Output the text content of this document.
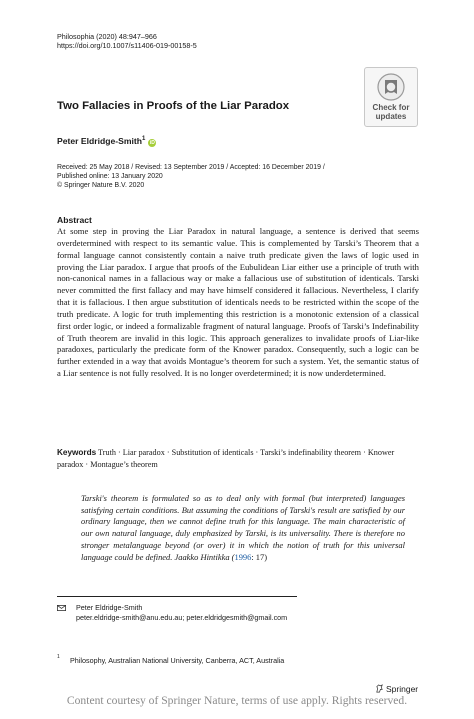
Philosophia (2020) 48:947–966
https://doi.org/10.1007/s11406-019-00158-5
Check for
updates
Two Fallacies in Proofs of the Liar Paradox
Peter Eldridge-Smith$^1$iD
Received: 25 May 2018 / Revised: 13 September 2019 / Accepted: 16 December 2019 /
Published online: 13 January 2020
© Springer Nature B.V. 2020
Abstract
At some step in proving the Liar Paradox in natural language, a sentence is derived that seems overdetermined with respect to its semantic value. This is complemented by Tarski’s Theorem that a formal language cannot consistently contain a naive truth predicate given the laws of logic used in proving the Liar paradox. I argue that proofs of the Eubulidean Liar either use a principle of truth with non-canonical names in a fallacious way or make a fallacious use of substitution of identicals. Tarski never committed the first fallacy and may have himself considered it fallacious. Nevertheless, I clarify that it is fallacious. I then argue substitution of identicals needs to be restricted within the scope of the truth predicate. A logic for truth implementing this restriction is a monotonic extension of a classical first order logic, or indeed a formalizable fragment of natural language. Proofs of Tarski’s Indefinability of Truth theorem are invalid in this logic. This approach generalizes to invalidate proofs of Liar-like paradoxes, particularly the predicate form of the Knower paradox. Consequently, such a logic can be further extended in a way that avoids Montague’s theorem for such a system. Yet, the semantic status of a Liar sentence is not fully resolved. It is no longer overdetermined; it is now underdetermined.
Keywords Truth · Liar paradox · Substitution of identicals · Tarski’s indefinability theorem · Knower paradox · Montague’s theorem
Tarski's theorem is formulated so as to deal only with formal (but interpreted) languages satisfying certain conditions. But assuming the conditions of Tarski's result are satisfied by our ordinary language, then we cannot define truth for this language. The main characteristic of our own natural language, duly emphasized by Tarski, is its universality. There is therefore no stronger metalanguage beyond (or over) it in which the notion of truth for this universal language could be defined. Jaakko Hintikka (1996: 17)
Peter Eldridge-Smith
peter.eldridge-smith@anu.edu.au; peter.eldridgesmith@gmail.com
1 Philosophy, Australian National University, Canberra, ACT, Australia
Springer
Content courtesy of Springer Nature, terms of use apply. Rights reserved.
